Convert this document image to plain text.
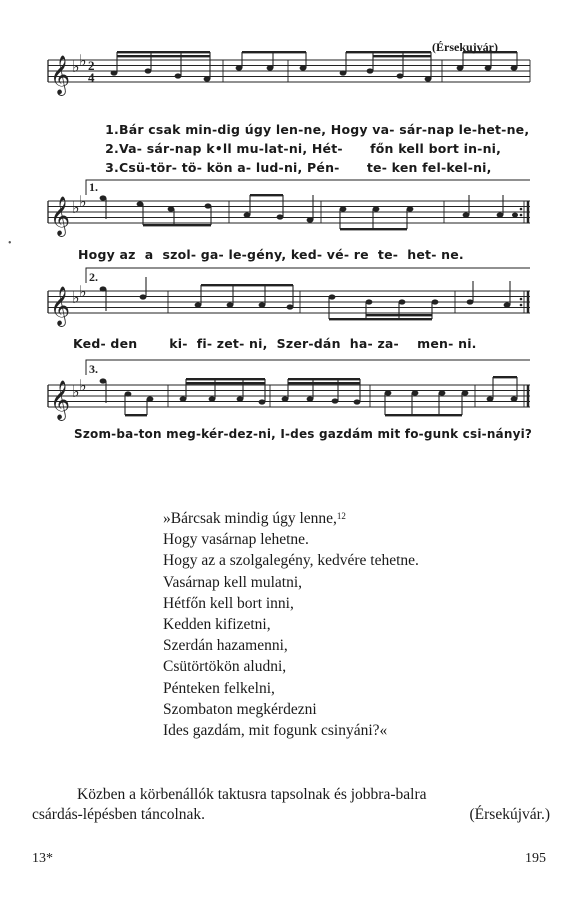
𝄞 ♭ ♭ 2
4
(Érsekujvár)

1.Bár csak min-dig úgy len-ne, Hogy va- sár-nap le-het-ne,

2.Va- sár-nap k•ll mu-lat-ni, Hét-      főn kell bort in-ni,

3.Csü-tör- tö- kön a- lud-ni, Pén-      te- ken fel-kel-ni,

1.
𝄞 ♭ ♭
Hogy az  a  szol- ga- le-gény, ked- vé- re  te-  het- ne.
2.
𝄞 ♭ ♭
Ked- den       ki-  fi- zet- ni,  Szer-dán  ha- za-    men- ni.
3.
𝄞 ♭ ♭
Szom-ba-ton meg-kér-dez-ni, I-des gazdám mit fo-gunk csi-nányi?
•
»Bárcsak mindig úgy lenne,$^{12}$
Hogy vasárnap lehetne.
Hogy az a szolgalegény, kedvére tehetne.
Vasárnap kell mulatni,
Hétfőn kell bort inni,
Kedden kifizetni,
Szerdán hazamenni,
Csütörtökön aludni,
Pénteken felkelni,
Szombaton megkérdezni
Ides gazdám, mit fogunk csinyáni?«
Közben a körbenállók taktusra tapsolnak és jobbra-balra
csárdás-lépésben táncolnak.	(Érsekújvár.)
13*	195
